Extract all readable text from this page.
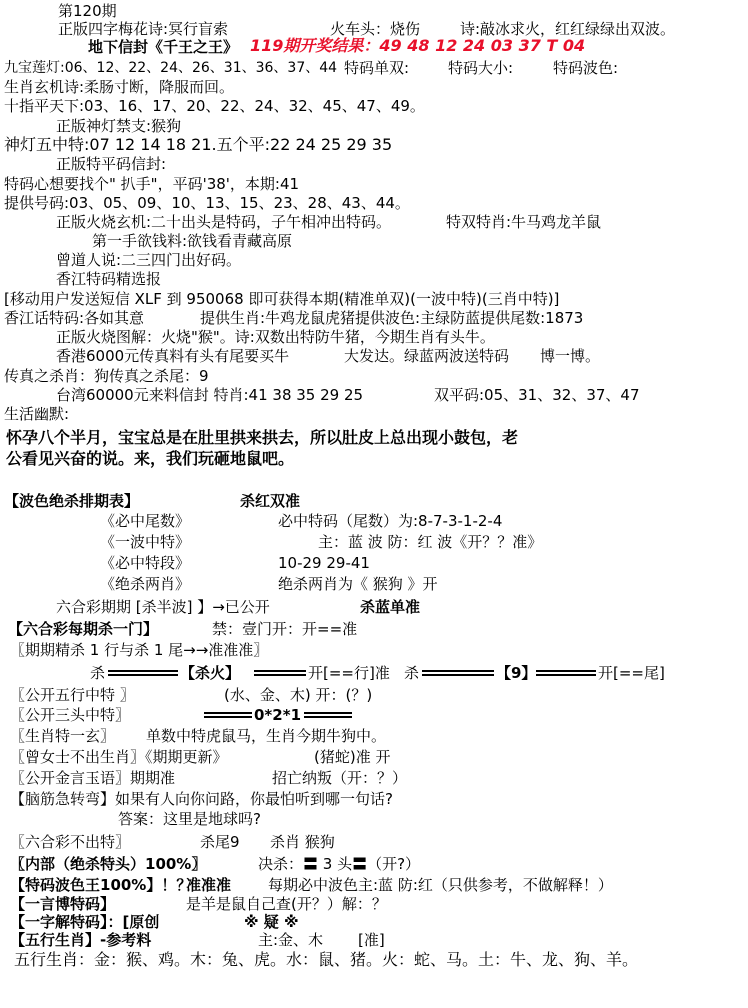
第120期
正版四字梅花诗:冥行盲索	火车头：烧伤	诗:敲冰求火，红红绿绿出双波。
地下信封《千王之王》 119期开奖结果：49 48 12 24 03 37 T 04
九宝莲灯:06、12、22、24、26、31、36、37、44 特码单双:	特码大小:	特码波色:
生肖玄机诗:柔肠寸断，降服而回。
十指平天下:03、16、17、20、22、24、32、45、47、49。
正版神灯禁支:猴狗
神灯五中特:07 12 14 18 21.五个平:22 24 25 29 35
正版特平码信封:
特码心想要找个" 扒手"，平码'38'，本期:41
提供号码:03、05、09、10、13、15、23、28、43、44。
正版火烧玄机:二十出头是特码，子午相冲出特码。	特双特肖:牛马鸡龙羊鼠
第一手欲钱料:欲钱看青藏高原
曾道人说:二三四门出好码。
香江特码精选报
[移动用户发送短信 XLF 到 950068 即可获得本期(精准单双)(一波中特)(三肖中特)]
香江话特码:各如其意	提供生肖:牛鸡龙鼠虎猪提供波色:主绿防蓝提供尾数:1873
正版火烧图解：火烧"猴"。诗:双数出特防牛猪，今期生肖有头牛。
香港6000元传真料有头有尾要买牛	大发达。绿蓝两波送特码 博一博。
传真之杀肖：狗传真之杀尾：9
台湾60000元来料信封 特肖:41 38 35 29 25	双平码:05、31、32、37、47
生活幽默:
怀孕八个半月，宝宝总是在肚里拱来拱去，所以肚皮上总出现小鼓包，老
公看见兴奋的说。来，我们玩砸地鼠吧。
【波色绝杀排期表】	杀红双准
《必中尾数》	必中特码（尾数）为:8-7-3-1-2-4
《一波中特》	主：蓝 波 防：红 波《开？？准》
《必中特段》	10-29 29-41
《绝杀两肖》	绝杀两肖为《 猴狗 》开
六合彩期期 [杀半波] 】→已公开	杀蓝单准
【六合彩每期杀一门】	禁：壹门开：开==准
〖期期精杀 1 行与杀 1 尾→→准准准〗
杀	【杀火】	开[==行]准 杀	【9】	开[==尾]
〖公开五行中特 〗	(水、金、木) 开：(？)
〖公开三头中特〗	0*2*1
〖生肖特一玄〗 单数中特虎鼠马，生肖今期牛狗中。
〖曾女士不出生肖〗《期期更新》	(猪蛇)准 开
〖公开金言玉语〗期期准	招亡纳叛（开：？）
【脑筋急转弯】如果有人向你问路，你最怕听到哪一句话?
答案：这里是地球吗?
〖六合彩不出特〗	杀尾9 杀肖 猴狗
〖内部（绝杀特头）100%〗	决杀：〓 3 头〓（开?）
【特码波色王100%】！？
准准准 每期必中波色主:蓝 防:红（只供参考，不做解释！）
【一言博特码】	是羊是鼠自己查(开？）解：？
【一字解特码】：[原创	※ 疑 ※
【五行生肖】-参考料	主:金、木 [准]
五行生肖：金：猴、鸡。木：兔、虎。水：鼠、猪。火：蛇、马。土：牛、龙、狗、羊。
